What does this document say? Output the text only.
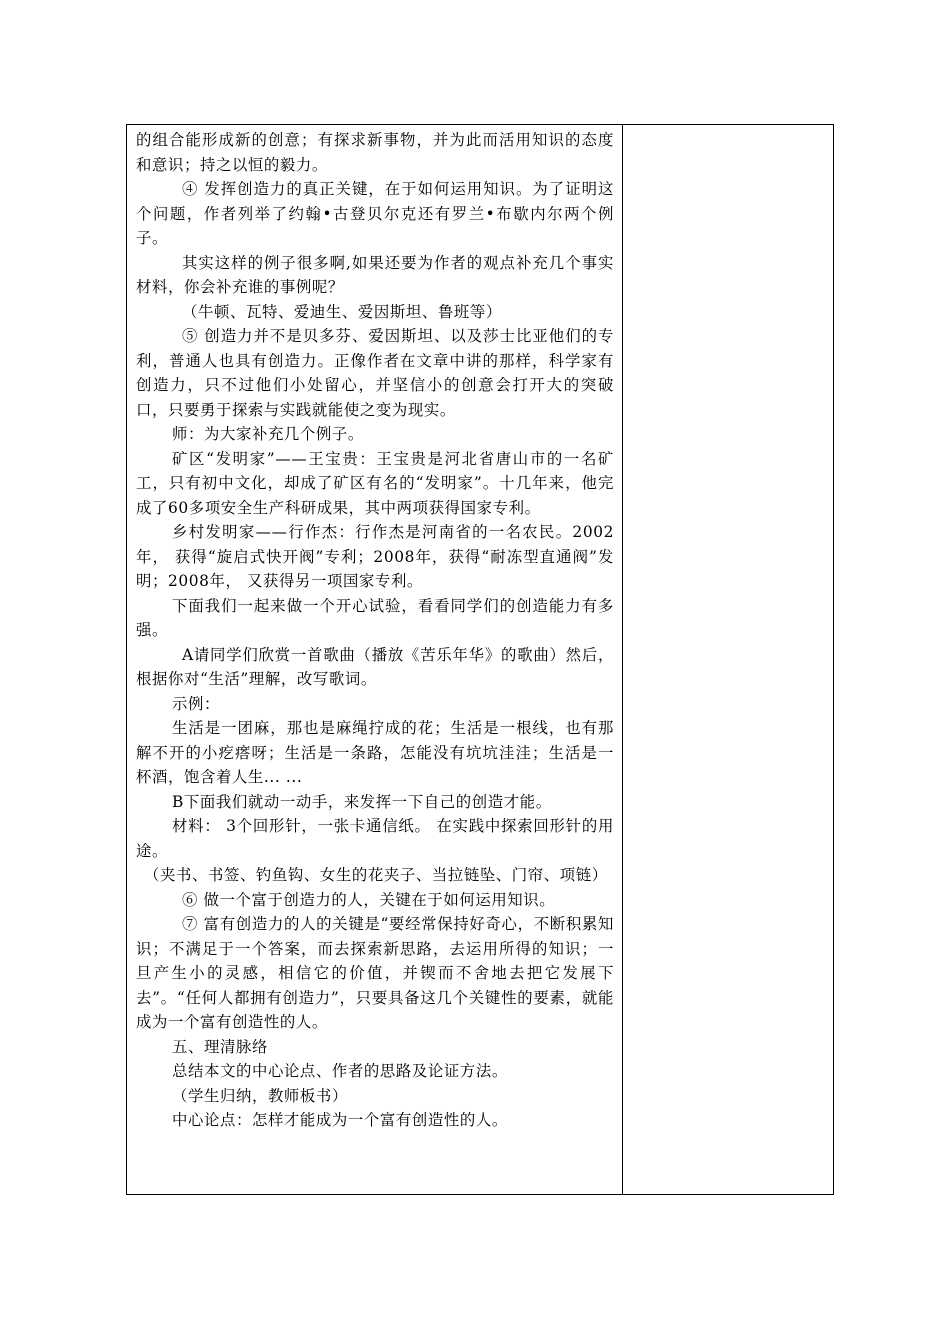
的组合能形成新的创意；有探求新事物，并为此而活用知识的态度和意识；持之以恒的毅力。

④ 发挥创造力的真正关键，在于如何运用知识。为了证明这个问题，作者列举了约翰•古登贝尔克还有罗兰•布歇内尔两个例子。

其实这样的例子很多啊,如果还要为作者的观点补充几个事实材料，你会补充谁的事例呢？

（牛顿、瓦特、爱迪生、爱因斯坦、鲁班等）

⑤ 创造力并不是贝多芬、爱因斯坦、以及莎士比亚他们的专利，普通人也具有创造力。正像作者在文章中讲的那样，科学家有创造力，只不过他们小处留心，并坚信小的创意会打开大的突破口，只要勇于探索与实践就能使之变为现实。

师：为大家补充几个例子。

矿区“发明家”——王宝贵：王宝贵是河北省唐山市的一名矿工，只有初中文化，却成了矿区有名的“发明家”。十几年来，他完成了60多项安全生产科研成果，其中两项获得国家专利。

乡村发明家——行作杰：行作杰是河南省的一名农民。2002年， 获得“旋启式快开阀”专利；2008年，获得“耐冻型直通阀”发明；2008年， 又获得另一项国家专利。

下面我们一起来做一个开心试验，看看同学们的创造能力有多强。

A请同学们欣赏一首歌曲（播放《苦乐年华》的歌曲）然后，根据你对“生活”理解，改写歌词。

示例：

生活是一团麻，那也是麻绳拧成的花；生活是一根线，也有那解不开的小疙瘩呀；生活是一条路，怎能没有坑坑洼洼；生活是一杯酒，饱含着人生... ...

B下面我们就动一动手，来发挥一下自己的创造才能。

材料： 3个回形针，一张卡通信纸。 在实践中探索回形针的用途。

（夹书、书签、钓鱼钩、女生的花夹子、当拉链坠、门帘、项链）

⑥ 做一个富于创造力的人，关键在于如何运用知识。

⑦ 富有创造力的人的关键是“要经常保持好奇心，不断积累知识；不满足于一个答案，而去探索新思路，去运用所得的知识；一旦产生小的灵感，相信它的价值，并锲而不舍地去把它发展下去”。“任何人都拥有创造力”，只要具备这几个关键性的要素，就能成为一个富有创造性的人。

五、理清脉络

总结本文的中心论点、作者的思路及论证方法。

（学生归纳，教师板书）

中心论点：怎样才能成为一个富有创造性的人。
